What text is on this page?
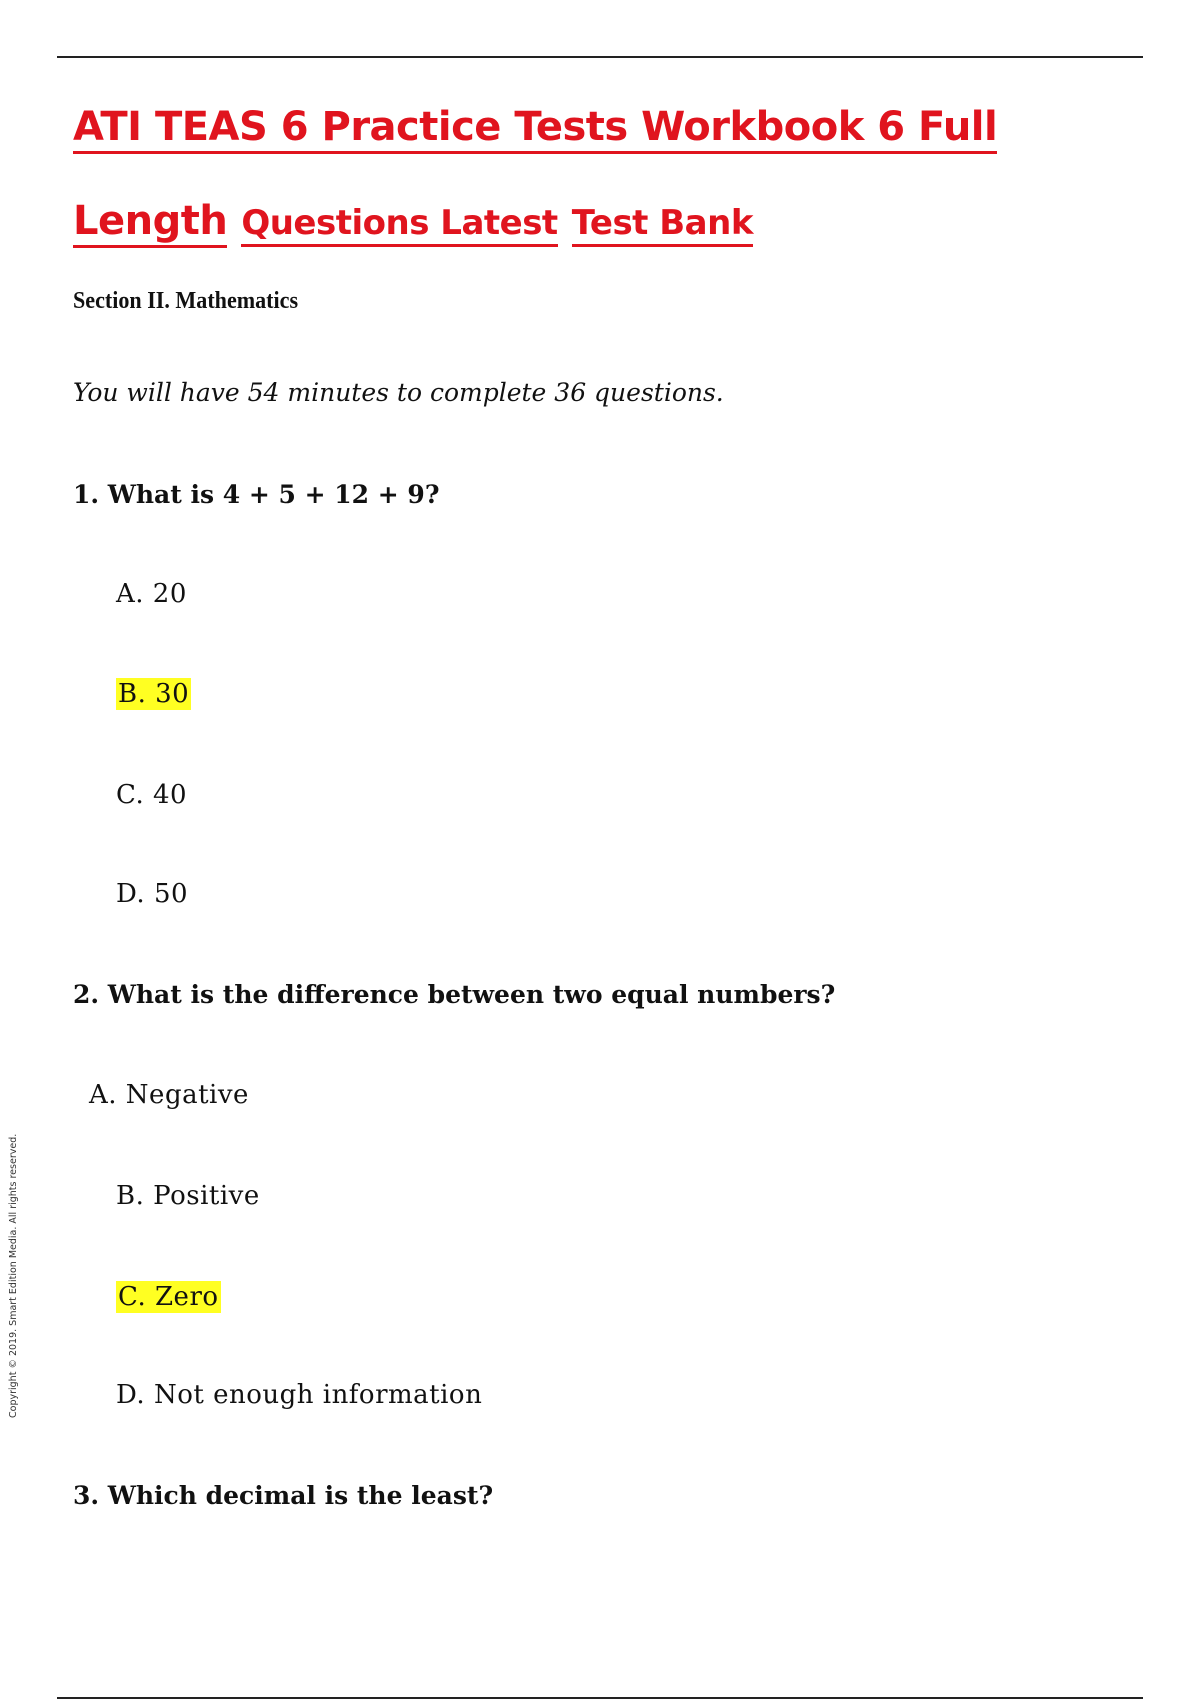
ATI TEAS 6 Practice Tests Workbook 6 Full
Length Questions Latest Test Bank
Section II. Mathematics
You will have 54 minutes to complete 36 questions.
1. What is 4 + 5 + 12 + 9?
A. 20
B. 30
C. 40
D. 50
2. What is the difference between two equal numbers?
A. Negative
B. Positive
C. Zero
D. Not enough information
3. Which decimal is the least?
Copyright © 2019. Smart Edition Media. All rights reserved.
